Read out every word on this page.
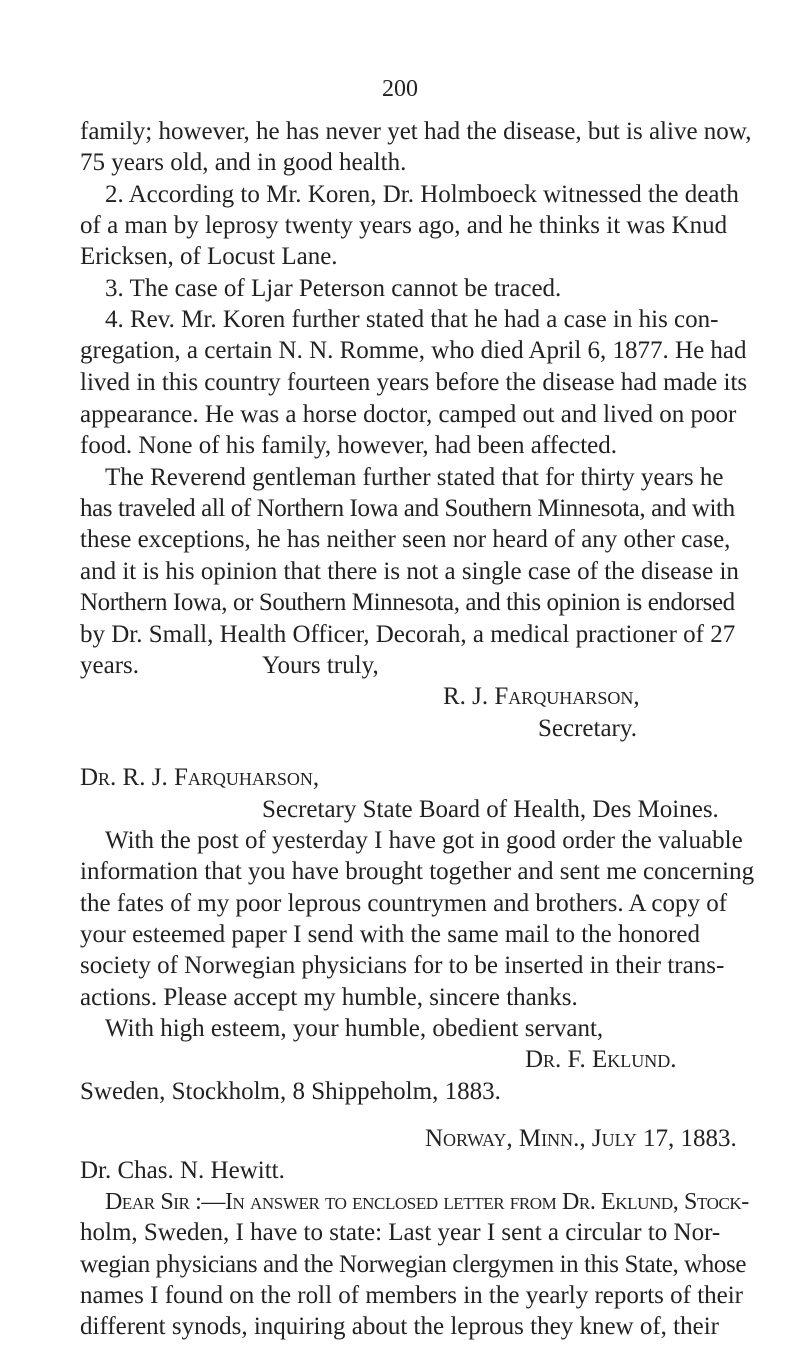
200
family; however, he has never yet had the disease, but is alive now,
75 years old, and in good health.
2. According to Mr. Koren, Dr. Holmboeck witnessed the death
of a man by leprosy twenty years ago, and he thinks it was Knud
Ericksen, of Locust Lane.
3. The case of Ljar Peterson cannot be traced.
4. Rev. Mr. Koren further stated that he had a case in his con-
gregation, a certain N. N. Romme, who died April 6, 1877. He had
lived in this country fourteen years before the disease had made its
appearance. He was a horse doctor, camped out and lived on poor
food. None of his family, however, had been affected.
The Reverend gentleman further stated that for thirty years he
has traveled all of Northern Iowa and Southern Minnesota, and with
these exceptions, he has neither seen nor heard of any other case,
and it is his opinion that there is not a single case of the disease in
Northern Iowa, or Southern Minnesota, and this opinion is endorsed
by Dr. Small, Health Officer, Decorah, a medical practioner of 27
years.	Yours truly,
R. J. Farquharson,
Secretary.
Dr. R. J. Farquharson,
Secretary State Board of Health, Des Moines.
With the post of yesterday I have got in good order the valuable
information that you have brought together and sent me concerning
the fates of my poor leprous countrymen and brothers. A copy of
your esteemed paper I send with the same mail to the honored
society of Norwegian physicians for to be inserted in their trans-
actions. Please accept my humble, sincere thanks.
With high esteem, your humble, obedient servant,
Dr. F. Eklund.
Sweden, Stockholm, 8 Shippeholm, 1883.
Norway, Minn., July 17, 1883.
Dr. Chas. N. Hewitt.
Dear Sir :—In answer to enclosed letter from Dr. Eklund, Stock-
holm, Sweden, I have to state: Last year I sent a circular to Nor-
wegian physicians and the Norwegian clergymen in this State, whose
names I found on the roll of members in the yearly reports of their
different synods, inquiring about the leprous they knew of, their
